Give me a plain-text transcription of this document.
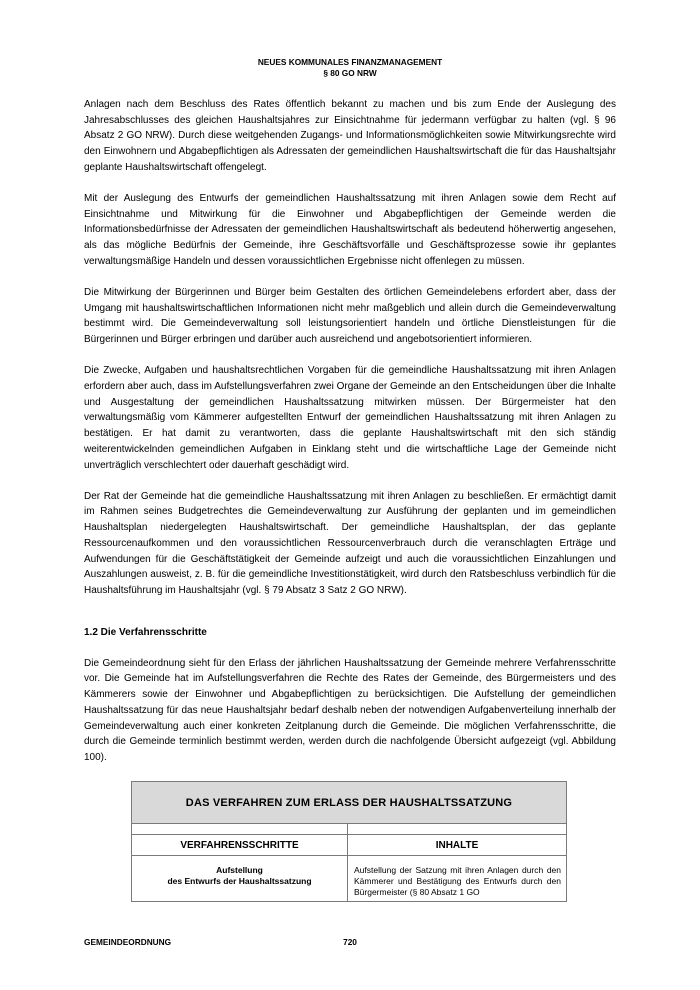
NEUES KOMMUNALES FINANZMANAGEMENT
§ 80 GO NRW

Anlagen nach dem Beschluss des Rates öffentlich bekannt zu machen und bis zum Ende der Auslegung des Jahresabschlusses des gleichen Haushaltsjahres zur Einsichtnahme für jedermann verfügbar zu halten (vgl. § 96 Absatz 2 GO NRW). Durch diese weitgehenden Zugangs- und Informationsmöglichkeiten sowie Mitwirkungsrechte wird den Einwohnern und Abgabepflichtigen als Adressaten der gemeindlichen Haushaltswirtschaft die für das Haushaltsjahr geplante Haushaltswirtschaft offengelegt.

Mit der Auslegung des Entwurfs der gemeindlichen Haushaltssatzung mit ihren Anlagen sowie dem Recht auf Einsichtnahme und Mitwirkung für die Einwohner und Abgabepflichtigen der Gemeinde werden die Informationsbedürfnisse der Adressaten der gemeindlichen Haushaltswirtschaft als bedeutend höherwertig angesehen, als das mögliche Bedürfnis der Gemeinde, ihre Geschäftsvorfälle und Geschäftsprozesse sowie ihr geplantes verwaltungsmäßige Handeln und dessen voraussichtlichen Ergebnisse nicht offenlegen zu müssen.

Die Mitwirkung der Bürgerinnen und Bürger beim Gestalten des örtlichen Gemeindelebens erfordert aber, dass der Umgang mit haushaltswirtschaftlichen Informationen nicht mehr maßgeblich und allein durch die Gemeindeverwaltung bestimmt wird. Die Gemeindeverwaltung soll leistungsorientiert handeln und örtliche Dienstleistungen für die Bürgerinnen und Bürger erbringen und darüber auch ausreichend und angebotsorientiert informieren.

Die Zwecke, Aufgaben und haushaltsrechtlichen Vorgaben für die gemeindliche Haushaltssatzung mit ihren Anlagen erfordern aber auch, dass im Aufstellungsverfahren zwei Organe der Gemeinde an den Entscheidungen über die Inhalte und Ausgestaltung der gemeindlichen Haushaltssatzung mitwirken müssen. Der Bürgermeister hat den verwaltungsmäßig vom Kämmerer aufgestellten Entwurf der gemeindlichen Haushaltssatzung mit ihren Anlagen zu bestätigen. Er hat damit zu verantworten, dass die geplante Haushaltswirtschaft mit den sich ständig weiterentwickelnden gemeindlichen Aufgaben in Einklang steht und die wirtschaftliche Lage der Gemeinde nicht unverträglich verschlechtert oder dauerhaft geschädigt wird.

Der Rat der Gemeinde hat die gemeindliche Haushaltssatzung mit ihren Anlagen zu beschließen. Er ermächtigt damit im Rahmen seines Budgetrechtes die Gemeindeverwaltung zur Ausführung der geplanten und im gemeindlichen Haushaltsplan niedergelegten Haushaltswirtschaft. Der gemeindliche Haushaltsplan, der das geplante Ressourcenaufkommen und den voraussichtlichen Ressourcenverbrauch durch die veranschlagten Erträge und Aufwendungen für die Geschäftstätigkeit der Gemeinde aufzeigt und auch die voraussichtlichen Einzahlungen und Auszahlungen ausweist, z. B. für die gemeindliche Investitionstätigkeit, wird durch den Ratsbeschluss verbindlich für die Haushaltsführung im Haushaltsjahr (vgl. § 79 Absatz 3 Satz 2 GO NRW).

1.2 Die Verfahrensschritte

Die Gemeindeordnung sieht für den Erlass der jährlichen Haushaltssatzung der Gemeinde mehrere Verfahrensschritte vor. Die Gemeinde hat im Aufstellungsverfahren die Rechte des Rates der Gemeinde, des Bürgermeisters und des Kämmerers sowie der Einwohner und Abgabepflichtigen zu berücksichtigen. Die Aufstellung der gemeindlichen Haushaltssatzung für das neue Haushaltsjahr bedarf deshalb neben der notwendigen Aufgabenverteilung innerhalb der Gemeindeverwaltung auch einer konkreten Zeitplanung durch die Gemeinde. Die möglichen Verfahrensschritte, die durch die Gemeinde terminlich bestimmt werden, werden durch die nachfolgende Übersicht aufgezeigt (vgl. Abbildung 100).

DAS VERFAHREN ZUM ERLASS DER HAUSHALTSSATZUNG	

VERFAHRENSSCHRITTE	INHALTE

Aufstellung
des Entwurfs der Haushaltssatzung	Aufstellung der Satzung mit ihren Anlagen durch den Kämmerer und Bestätigung des Entwurfs durch den Bürgermeister (§ 80 Absatz 1 GO
GEMEINDEORDNUNG	720
